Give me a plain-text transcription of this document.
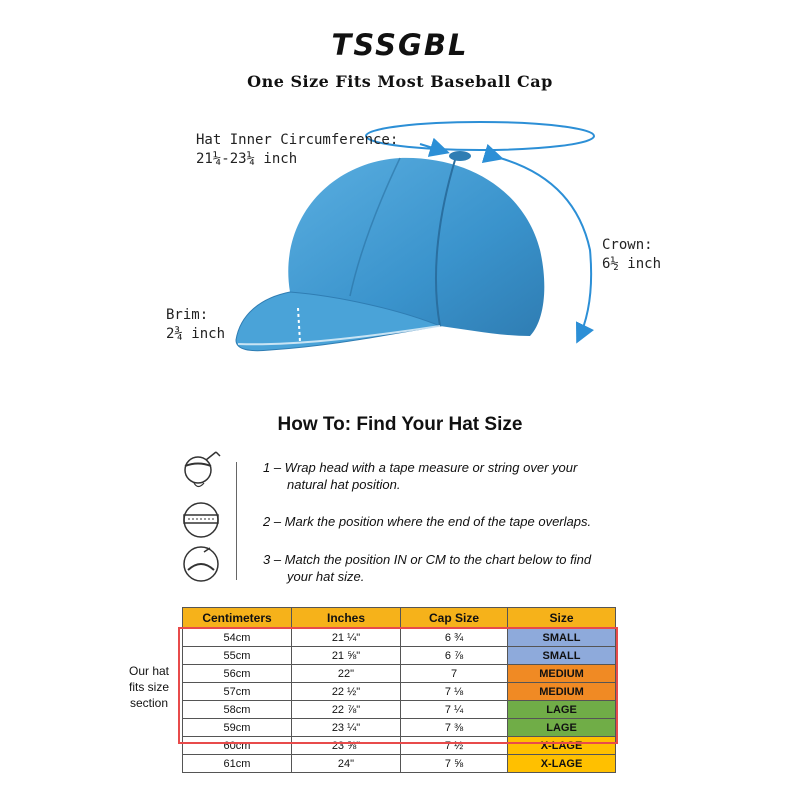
TSSGBL
One Size Fits Most Baseball Cap
Hat Inner Circumference:
21¼-23¼ inch
Crown:
6½ inch
Brim:
2¾ inch
How To: Find Your Hat Size
1 – Wrap head with a tape measure or string over your
natural hat position.
2 – Mark the position where the end of the tape overlaps.
3 – Match the position IN or CM to the chart below to find
your hat size.
Centimeters	Inches	Cap Size	Size
54cm	21 ¼"	6 ¾	SMALL
55cm	21 ⅝"	6 ⅞	SMALL
56cm	22"	7	MEDIUM
57cm	22 ½"	7 ⅛	MEDIUM
58cm	22 ⅞"	7 ¼	LAGE
59cm	23 ¼"	7 ⅜	LAGE
60cm	23 ⅝"	7 ½	X-LAGE
61cm	24"	7 ⅝	X-LAGE
Our hat
fits size
section
